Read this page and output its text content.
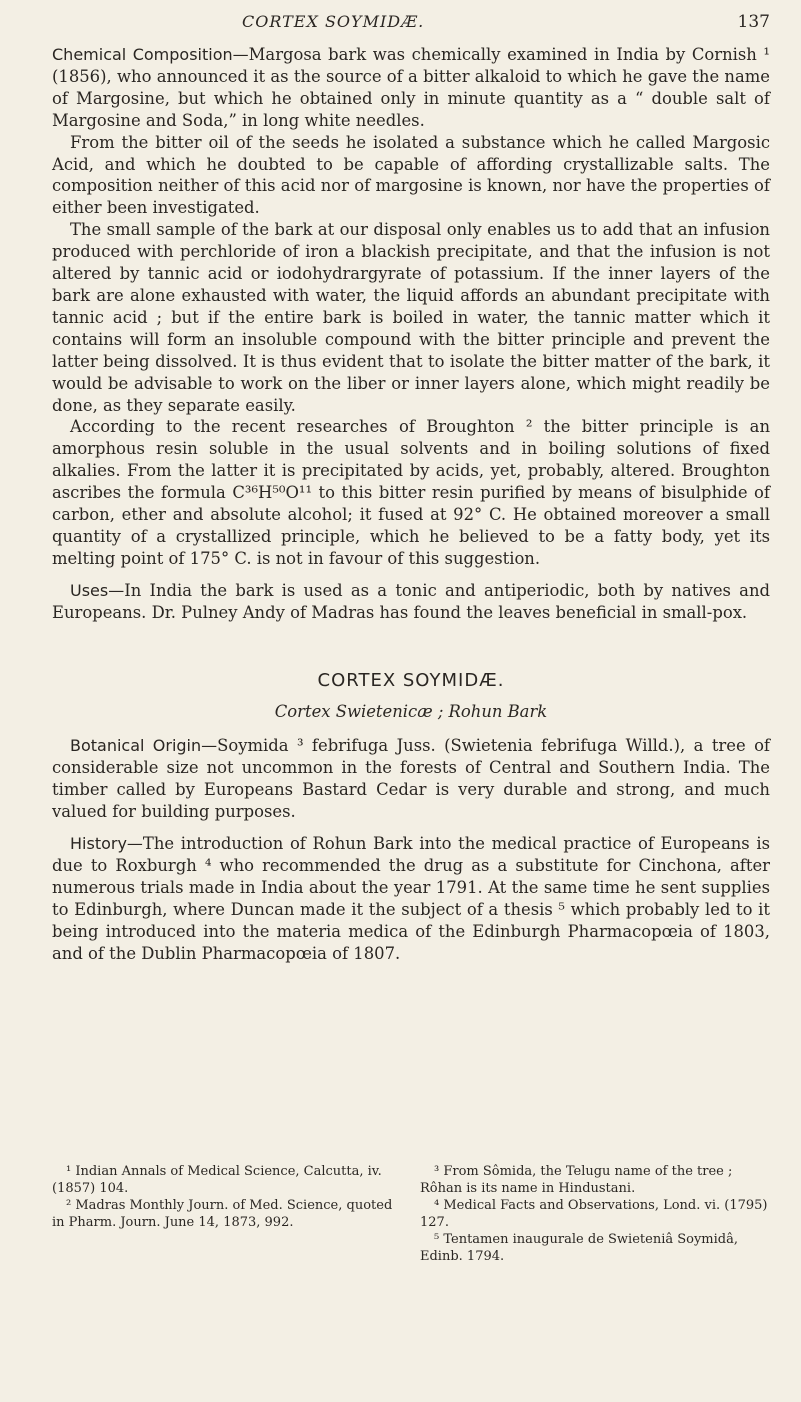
CORTEX SOYMIDÆ.	137

Chemical Composition—Margosa bark was chemically examined in India by Cornish ¹ (1856), who announced it as the source of a bitter alkaloid to which he gave the name of Margosine, but which he obtained only in minute quantity as a “ double salt of Margosine and Soda,” in long white needles.

From the bitter oil of the seeds he isolated a substance which he called Margosic Acid, and which he doubted to be capable of affording crystallizable salts. The composition neither of this acid nor of margosine is known, nor have the properties of either been investigated.

The small sample of the bark at our disposal only enables us to add that an infusion produced with perchloride of iron a blackish precipitate, and that the infusion is not altered by tannic acid or iodohydrargyrate of potassium. If the inner layers of the bark are alone exhausted with water, the liquid affords an abundant precipitate with tannic acid ; but if the entire bark is boiled in water, the tannic matter which it contains will form an insoluble compound with the bitter principle and prevent the latter being dissolved. It is thus evident that to isolate the bitter matter of the bark, it would be advisable to work on the liber or inner layers alone, which might readily be done, as they separate easily.

According to the recent researches of Broughton ² the bitter principle is an amorphous resin soluble in the usual solvents and in boiling solutions of fixed alkalies. From the latter it is precipitated by acids, yet, probably, altered. Broughton ascribes the formula C³⁶H⁵⁰O¹¹ to this bitter resin purified by means of bisulphide of carbon, ether and absolute alcohol; it fused at 92° C. He obtained moreover a small quantity of a crystallized principle, which he believed to be a fatty body, yet its melting point of 175° C. is not in favour of this suggestion.

Uses—In India the bark is used as a tonic and antiperiodic, both by natives and Europeans. Dr. Pulney Andy of Madras has found the leaves beneficial in small-pox.

CORTEX SOYMIDÆ.
Cortex Swietenicæ ; Rohun Bark

Botanical Origin—Soymida ³ febrifuga Juss. (Swietenia febrifuga Willd.), a tree of considerable size not uncommon in the forests of Central and Southern India. The timber called by Europeans Bastard Cedar is very durable and strong, and much valued for building purposes.

History—The introduction of Rohun Bark into the medical practice of Europeans is due to Roxburgh ⁴ who recommended the drug as a substitute for Cinchona, after numerous trials made in India about the year 1791. At the same time he sent supplies to Edinburgh, where Duncan made it the subject of a thesis ⁵ which probably led to it being introduced into the materia medica of the Edinburgh Pharmacopœia of 1803, and of the Dublin Pharmacopœia of 1807.

¹ Indian Annals of Medical Science, Calcutta, iv. (1857) 104.

² Madras Monthly Journ. of Med. Science, quoted in Pharm. Journ. June 14, 1873, 992.

³ From Sômida, the Telugu name of the tree ; Rôhan is its name in Hindustani.

⁴ Medical Facts and Observations, Lond. vi. (1795) 127.

⁵ Tentamen inaugurale de Swieteniâ Soymidâ, Edinb. 1794.
